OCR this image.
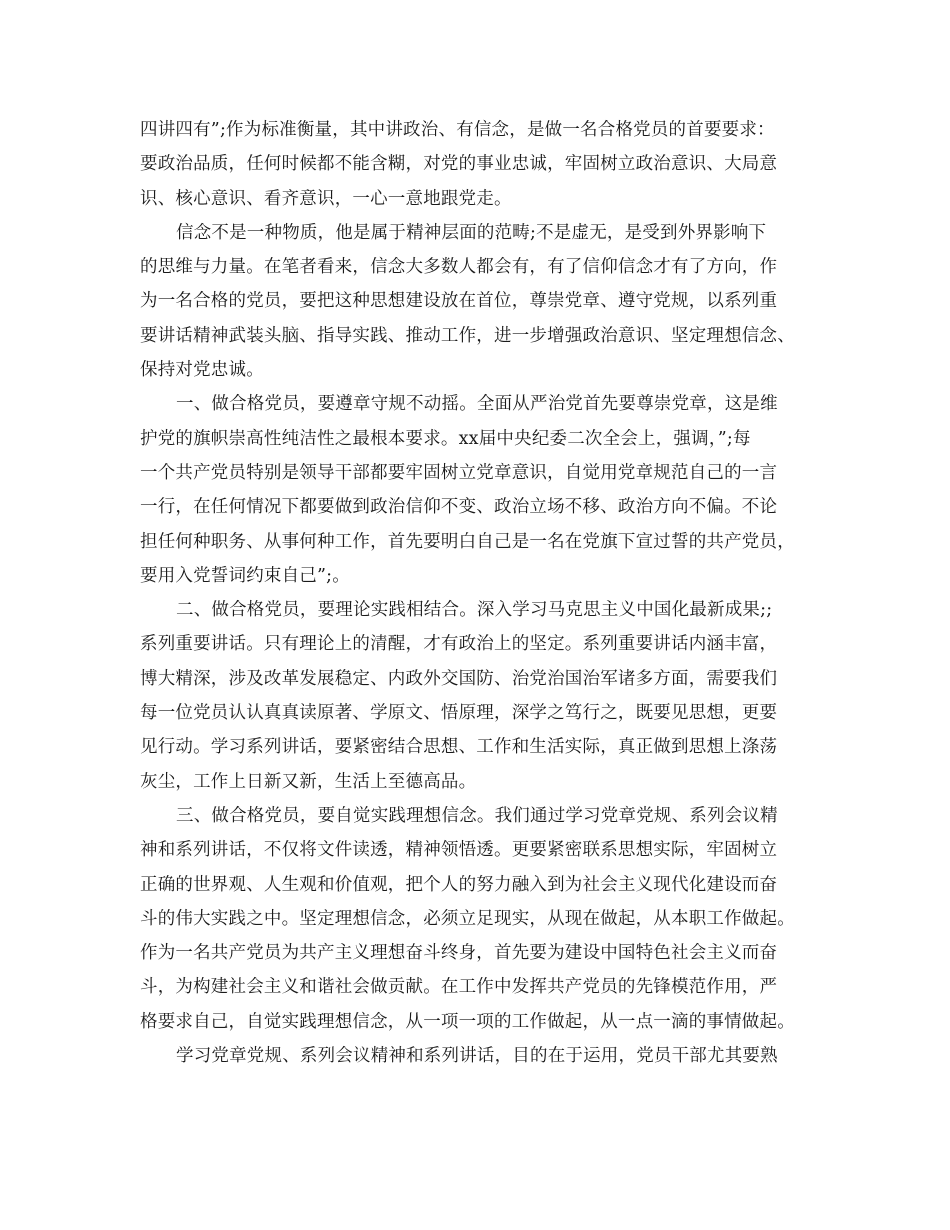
四讲四有”;作为标准衡量，其中讲政治、有信念，是做一名合格党员的首要要求：
要政治品质，任何时候都不能含糊，对党的事业忠诚，牢固树立政治意识、大局意
识、核心意识、看齐意识，一心一意地跟党走。
信念不是一种物质，他是属于精神层面的范畴;不是虚无，是受到外界影响下
的思维与力量。在笔者看来，信念大多数人都会有，有了信仰信念才有了方向，作
为一名合格的党员，要把这种思想建设放在首位，尊崇党章、遵守党规，以系列重
要讲话精神武装头脑、指导实践、推动工作，进一步增强政治意识、坚定理想信念、
保持对党忠诚。
一、做合格党员，要遵章守规不动摇。全面从严治党首先要尊崇党章，这是维
护党的旗帜崇高性纯洁性之最根本要求。xx届中央纪委二次全会上，强调，”;每
一个共产党员特别是领导干部都要牢固树立党章意识，自觉用党章规范自己的一言
一行，在任何情况下都要做到政治信仰不变、政治立场不移、政治方向不偏。不论
担任何种职务、从事何种工作，首先要明白自己是一名在党旗下宣过誓的共产党员，
要用入党誓词约束自己”;。
二、做合格党员，要理论实践相结合。深入学习马克思主义中国化最新成果;;
系列重要讲话。只有理论上的清醒，才有政治上的坚定。系列重要讲话内涵丰富，
博大精深，涉及改革发展稳定、内政外交国防、治党治国治军诸多方面，需要我们
每一位党员认认真真读原著、学原文、悟原理，深学之笃行之，既要见思想，更要
见行动。学习系列讲话，要紧密结合思想、工作和生活实际，真正做到思想上涤荡
灰尘，工作上日新又新，生活上至德高品。
三、做合格党员，要自觉实践理想信念。我们通过学习党章党规、系列会议精
神和系列讲话，不仅将文件读透，精神领悟透。更要紧密联系思想实际，牢固树立
正确的世界观、人生观和价值观，把个人的努力融入到为社会主义现代化建设而奋
斗的伟大实践之中。坚定理想信念，必须立足现实，从现在做起，从本职工作做起。
作为一名共产党员为共产主义理想奋斗终身，首先要为建设中国特色社会主义而奋
斗，为构建社会主义和谐社会做贡献。在工作中发挥共产党员的先锋模范作用，严
格要求自己，自觉实践理想信念，从一项一项的工作做起，从一点一滴的事情做起。
学习党章党规、系列会议精神和系列讲话，目的在于运用，党员干部尤其要熟
